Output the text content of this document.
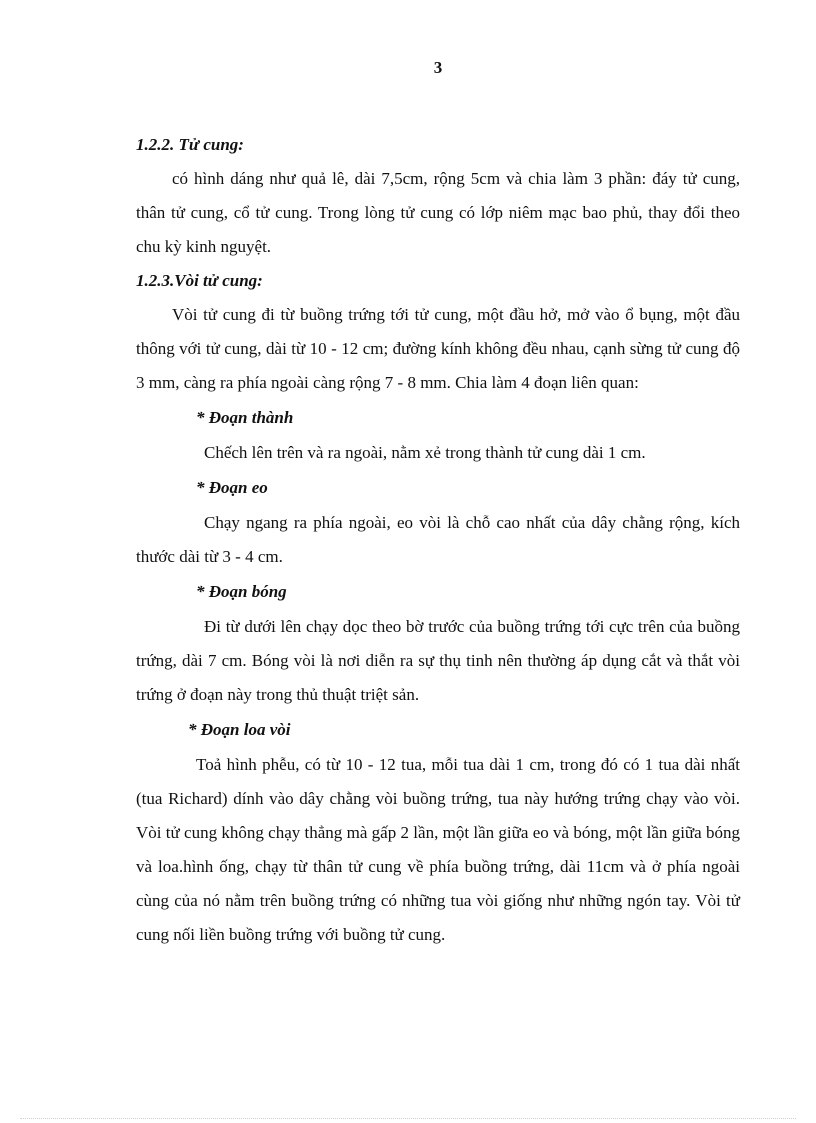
3

1.2.2. Tử cung:

có hình dáng như quả lê, dài 7,5cm, rộng 5cm và chia làm 3 phần: đáy tử cung, thân tử cung, cổ tử cung. Trong lòng tử cung có lớp niêm mạc bao phủ, thay đổi theo chu kỳ kinh nguyệt.

1.2.3.Vòi tử cung:

Vòi tử cung đi từ buồng trứng tới tử cung, một đầu hở, mở vào ổ bụng, một đầu thông với tử cung, dài từ 10 - 12 cm; đường kính không đều nhau, cạnh sừng tử cung độ 3 mm, càng ra phía ngoài càng rộng 7 - 8 mm. Chia làm 4 đoạn liên quan:

* Đoạn thành

Chếch lên trên và ra ngoài, nằm xẻ trong thành tử cung dài 1 cm.

* Đoạn eo

Chạy ngang ra phía ngoài, eo vòi là chỗ cao nhất của dây chằng rộng, kích thước dài từ 3 - 4 cm.

* Đoạn bóng

Đi từ dưới lên chạy dọc theo bờ trước của buồng trứng tới cực trên của buồng trứng, dài 7 cm. Bóng vòi là nơi diễn ra sự thụ tinh nên thường áp dụng cắt và thắt vòi trứng ở đoạn này trong thủ thuật triệt sản.

* Đoạn loa vòi

Toả hình phễu, có từ 10 - 12 tua, mỗi tua dài 1 cm, trong đó có 1 tua dài nhất (tua Richard) dính vào dây chằng vòi buồng trứng, tua này hướng trứng chạy vào vòi. Vòi tử cung không chạy thẳng mà gấp 2 lần, một lần giữa eo và bóng, một lần giữa bóng và loa.hình ống, chạy từ thân tử cung về phía buồng trứng, dài 11cm và ở phía ngoài cùng của nó nằm trên buồng trứng có những tua vòi giống như những ngón tay. Vòi tử cung nối liền buồng trứng với buồng tử cung.
